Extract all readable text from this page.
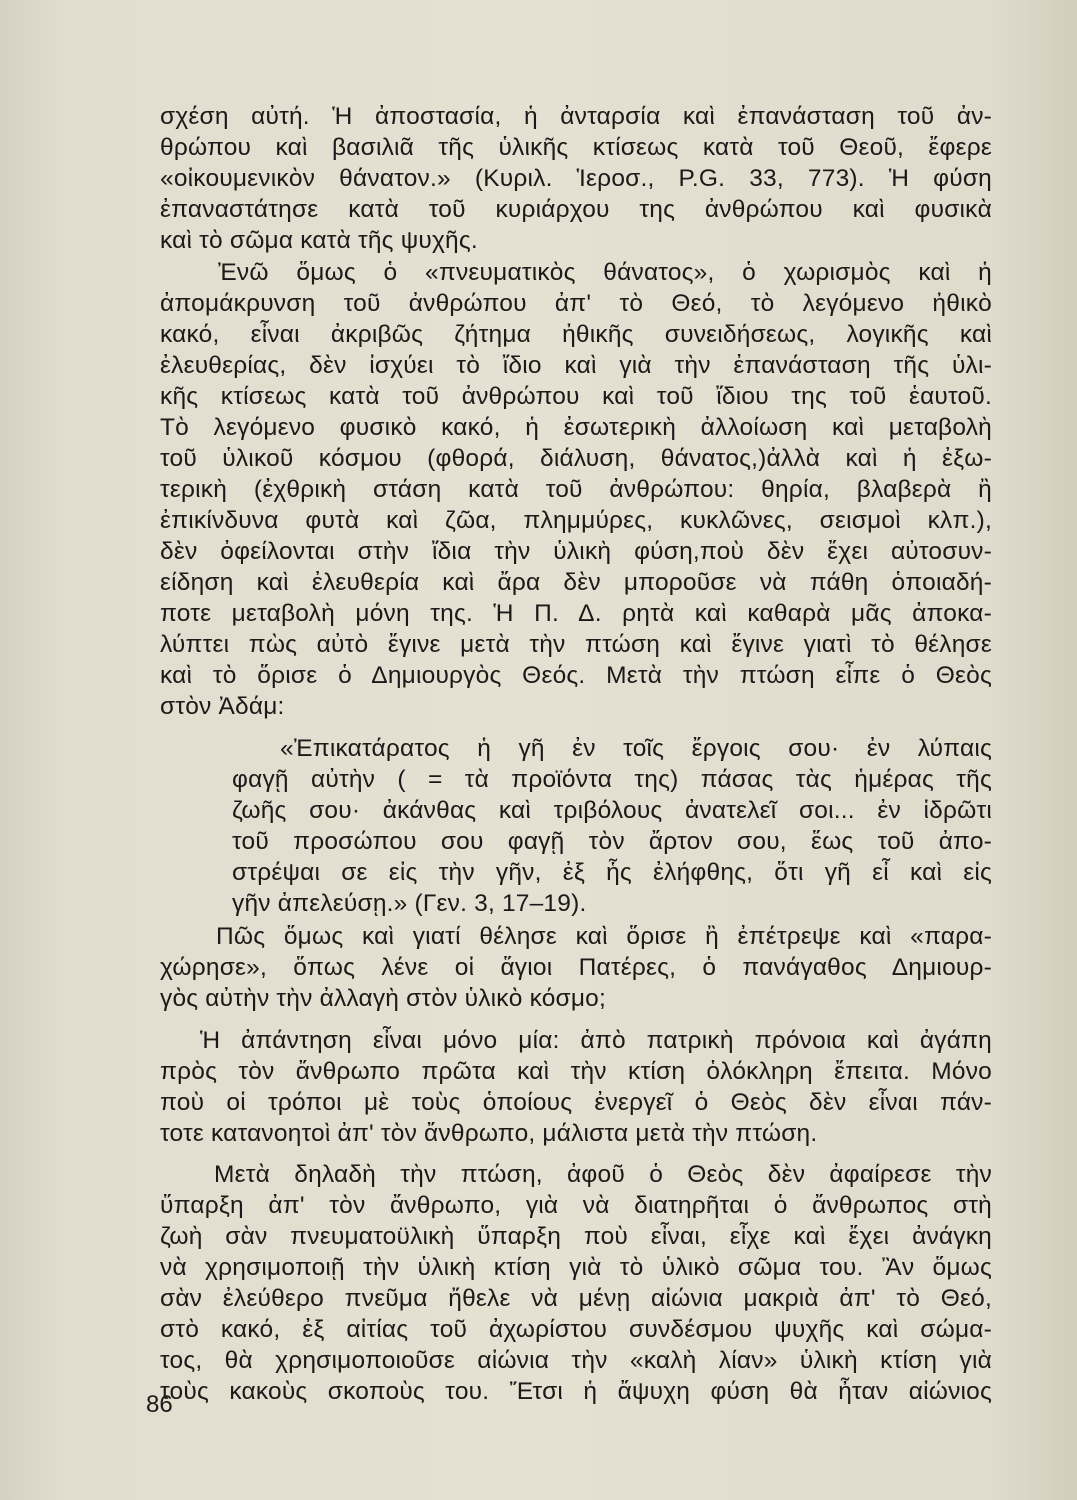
σχέση αὐτή. Ἡ ἀποστασία, ἡ ἀνταρσία καὶ ἐπανάσταση τοῦ ἀν-
θρώπου καὶ βασιλιᾶ τῆς ὑλικῆς κτίσεως κατὰ τοῦ Θεοῦ, ἔφερε
«οἰκουμενικὸν θάνατον.» (Κυριλ. Ἱεροσ., P.G. 33, 773). Ἡ φύση
ἐπαναστάτησε κατὰ τοῦ κυριάρχου της ἀνθρώπου καὶ φυσικὰ
καὶ τὸ σῶμα κατὰ τῆς ψυχῆς.
Ἐνῶ ὅμως ὁ «πνευματικὸς θάνατος», ὁ χωρισμὸς καὶ ἡ
ἀπομάκρυνση τοῦ ἀνθρώπου ἀπ' τὸ Θεό, τὸ λεγόμενο ἠθικὸ
κακό, εἶναι ἀκριβῶς ζήτημα ἠθικῆς συνειδήσεως, λογικῆς καὶ
ἐλευθερίας, δὲν ἰσχύει τὸ ἴδιο καὶ γιὰ τὴν ἐπανάσταση τῆς ὑλι-
κῆς κτίσεως κατὰ τοῦ ἀνθρώπου καὶ τοῦ ἴδιου της τοῦ ἑαυτοῦ.
Τὸ λεγόμενο φυσικὸ κακό, ἡ ἐσωτερικὴ ἀλλοίωση καὶ μεταβολὴ
τοῦ ὑλικοῦ κόσμου (φθορά, διάλυση, θάνατος,)ἀλλὰ καὶ ἡ ἐξω-
τερικὴ (ἐχθρικὴ στάση κατὰ τοῦ ἀνθρώπου: θηρία, βλαβερὰ ἢ
ἐπικίνδυνα φυτὰ καὶ ζῶα, πλημμύρες, κυκλῶνες, σεισμοὶ κλπ.),
δὲν ὀφείλονται στὴν ἴδια τὴν ὑλικὴ φύση,ποὺ δὲν ἔχει αὐτοσυν-
είδηση καὶ ἐλευθερία καὶ ἄρα δὲν μποροῦσε νὰ πάθη ὁποιαδή-
ποτε μεταβολὴ μόνη της. Ἡ Π. Δ. ρητὰ καὶ καθαρὰ μᾶς ἀποκα-
λύπτει πὼς αὐτὸ ἔγινε μετὰ τὴν πτώση καὶ ἔγινε γιατὶ τὸ θέλησε
καὶ τὸ ὅρισε ὁ Δημιουργὸς Θεός. Μετὰ τὴν πτώση εἶπε ὁ Θεὸς
στὸν Ἀδάμ:
«Ἐπικατάρατος ἡ γῆ ἐν τοῖς ἔργοις σου· ἐν λύπαις
φαγῇ αὐτὴν ( = τὰ προϊόντα της) πάσας τὰς ἡμέρας τῆς
ζωῆς σου· ἀκάνθας καὶ τριβόλους ἀνατελεῖ σοι... ἐν ἱδρῶτι
τοῦ προσώπου σου φαγῇ τὸν ἄρτον σου, ἕως τοῦ ἀπο-
στρέψαι σε εἰς τὴν γῆν, ἐξ ἧς ἐλήφθης, ὅτι γῆ εἶ καὶ εἰς
γῆν ἀπελεύσῃ.» (Γεν. 3, 17–19).
Πῶς ὅμως καὶ γιατί θέλησε καὶ ὅρισε ἢ ἐπέτρεψε καὶ «παρα-
χώρησε», ὅπως λένε οἱ ἅγιοι Πατέρες, ὁ πανάγαθος Δημιουρ-
γὸς αὐτὴν τὴν ἀλλαγὴ στὸν ὑλικὸ κόσμο;
Ἡ ἀπάντηση εἶναι μόνο μία: ἀπὸ πατρικὴ πρόνοια καὶ ἀγάπη
πρὸς τὸν ἄνθρωπο πρῶτα καὶ τὴν κτίση ὁλόκληρη ἔπειτα. Μόνο
ποὺ οἱ τρόποι μὲ τοὺς ὁποίους ἐνεργεῖ ὁ Θεὸς δὲν εἶναι πάν-
τοτε κατανοητοὶ ἀπ' τὸν ἄνθρωπο, μάλιστα μετὰ τὴν πτώση.
Μετὰ δηλαδὴ τὴν πτώση, ἀφοῦ ὁ Θεὸς δὲν ἀφαίρεσε τὴν
ὕπαρξη ἀπ' τὸν ἄνθρωπο, γιὰ νὰ διατηρῆται ὁ ἄνθρωπος στὴ
ζωὴ σὰν πνευματοϋλικὴ ὕπαρξη ποὺ εἶναι, εἶχε καὶ ἔχει ἀνάγκη
νὰ χρησιμοποιῇ τὴν ὑλικὴ κτίση γιὰ τὸ ὑλικὸ σῶμα του. Ἂν ὅμως
σὰν ἐλεύθερο πνεῦμα ἤθελε νὰ μένῃ αἰώνια μακριὰ ἀπ' τὸ Θεό,
στὸ κακό, ἐξ αἰτίας τοῦ ἀχωρίστου συνδέσμου ψυχῆς καὶ σώμα-
τος, θὰ χρησιμοποιοῦσε αἰώνια τὴν «καλὴ λίαν» ὑλικὴ κτίση γιὰ
τοὺς κακοὺς σκοποὺς του. Ἔτσι ἡ ἄψυχη φύση θὰ ἦταν αἰώνιος
86
